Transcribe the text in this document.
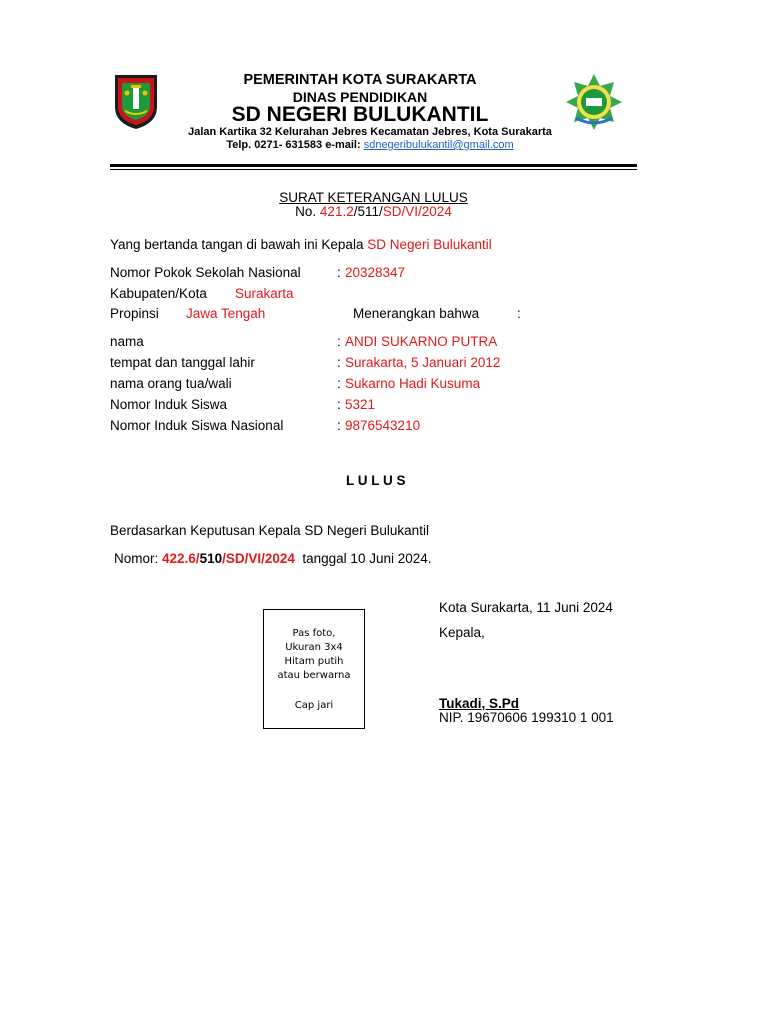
PEMERINTAH KOTA SURAKARTA
DINAS PENDIDIKAN
SD NEGERI BULUKANTIL
Jalan Kartika 32 Kelurahan Jebres Kecamatan Jebres, Kota Surakarta
Telp. 0271- 631583 e-mail: sdnegeribulukantil@gmail.com
SURAT KETERANGAN LULUS
No. 421.2/511/SD/VI/2024
Yang bertanda tangan di bawah ini Kepala SD Negeri Bulukantil
Nomor Pokok Sekolah Nasional	: 20328347
Kabupaten/Kota Surakarta
Propinsi Jawa Tengah	Menerangkan bahwa	:
nama	: ANDI SUKARNO PUTRA
tempat dan tanggal lahir	: Surakarta, 5 Januari 2012
nama orang tua/wali	: Sukarno Hadi Kusuma
Nomor Induk Siswa	: 5321
Nomor Induk Siswa Nasional	: 9876543210
L U L U S
Berdasarkan Keputusan Kepala SD Negeri Bulukantil
Nomor: 422.6/510/SD/VI/2024  tanggal 10 Juni 2024.
Pas foto,
Ukuran 3x4
Hitam putih
atau berwarna
Cap jari
Kota Surakarta, 11 Juni 2024
Kepala,
Tukadi, S.Pd
NIP. 19670606 199310 1 001
